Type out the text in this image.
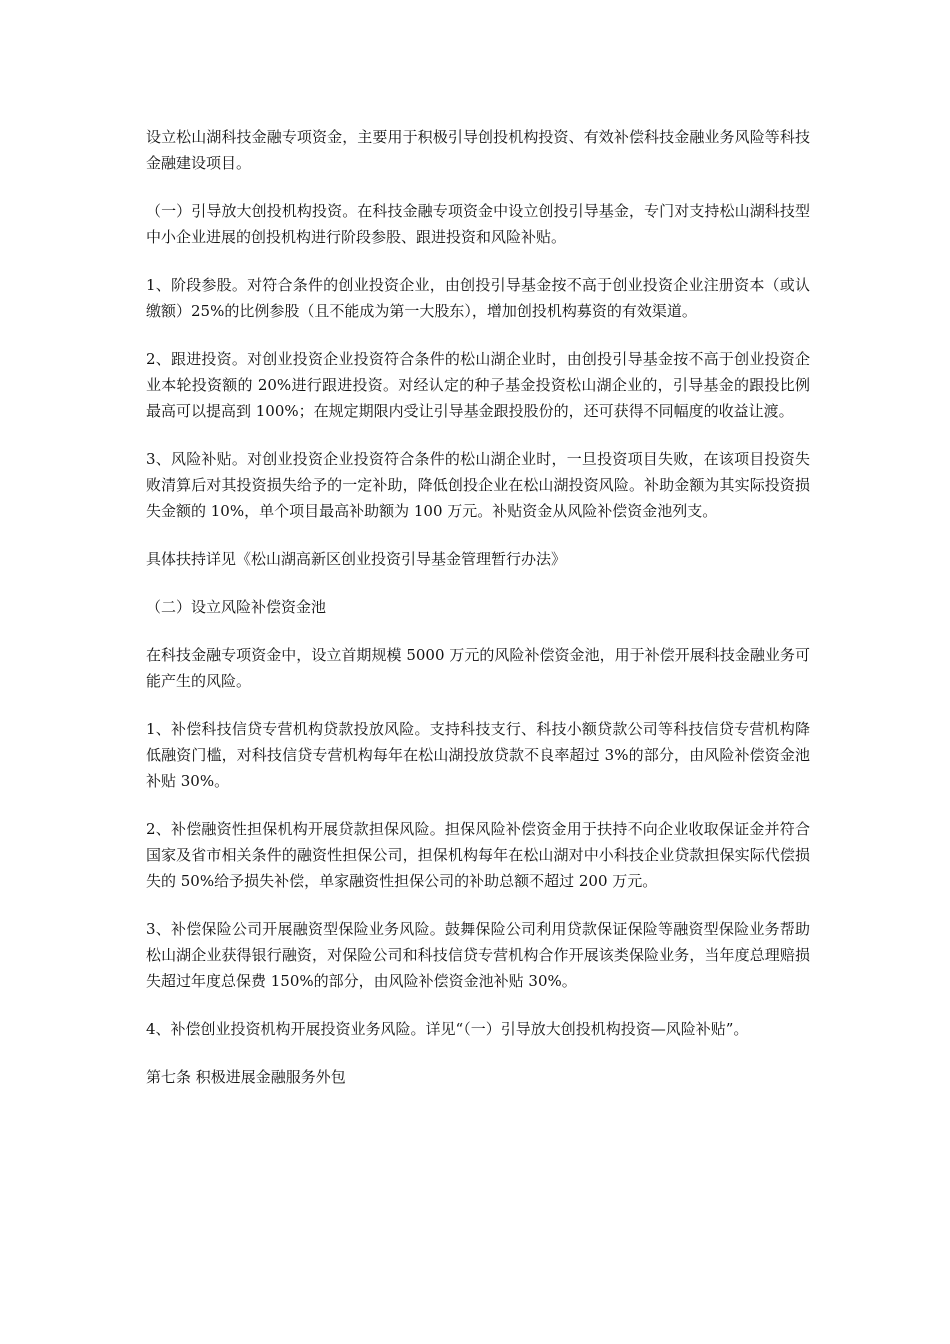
设立松山湖科技金融专项资金，主要用于积极引导创投机构投资、有效补偿科技金融业务风险等科技金融建设项目。

（一）引导放大创投机构投资。在科技金融专项资金中设立创投引导基金，专门对支持松山湖科技型中小企业进展的创投机构进行阶段参股、跟进投资和风险补贴。

1、阶段参股。对符合条件的创业投资企业，由创投引导基金按不高于创业投资企业注册资本（或认缴额）25%的比例参股（且不能成为第一大股东），增加创投机构募资的有效渠道。

2、跟进投资。对创业投资企业投资符合条件的松山湖企业时，由创投引导基金按不高于创业投资企业本轮投资额的 20%进行跟进投资。对经认定的种子基金投资松山湖企业的，引导基金的跟投比例最高可以提高到 100%；在规定期限内受让引导基金跟投股份的，还可获得不同幅度的收益让渡。

3、风险补贴。对创业投资企业投资符合条件的松山湖企业时，一旦投资项目失败，在该项目投资失败清算后对其投资损失给予的一定补助，降低创投企业在松山湖投资风险。补助金额为其实际投资损失金额的 10%，单个项目最高补助额为 100 万元。补贴资金从风险补偿资金池列支。

具体扶持详见《松山湖高新区创业投资引导基金管理暂行办法》

（二）设立风险补偿资金池

在科技金融专项资金中，设立首期规模 5000 万元的风险补偿资金池，用于补偿开展科技金融业务可能产生的风险。

1、补偿科技信贷专营机构贷款投放风险。支持科技支行、科技小额贷款公司等科技信贷专营机构降低融资门槛，对科技信贷专营机构每年在松山湖投放贷款不良率超过 3%的部分，由风险补偿资金池补贴 30%。

2、补偿融资性担保机构开展贷款担保风险。担保风险补偿资金用于扶持不向企业收取保证金并符合国家及省市相关条件的融资性担保公司，担保机构每年在松山湖对中小科技企业贷款担保实际代偿损失的 50%给予损失补偿，单家融资性担保公司的补助总额不超过 200 万元。

3、补偿保险公司开展融资型保险业务风险。鼓舞保险公司利用贷款保证保险等融资型保险业务帮助松山湖企业获得银行融资，对保险公司和科技信贷专营机构合作开展该类保险业务，当年度总理赔损失超过年度总保费 150%的部分，由风险补偿资金池补贴 30%。

4、补偿创业投资机构开展投资业务风险。详见“（一）引导放大创投机构投资—风险补贴”。

第七条 积极进展金融服务外包
